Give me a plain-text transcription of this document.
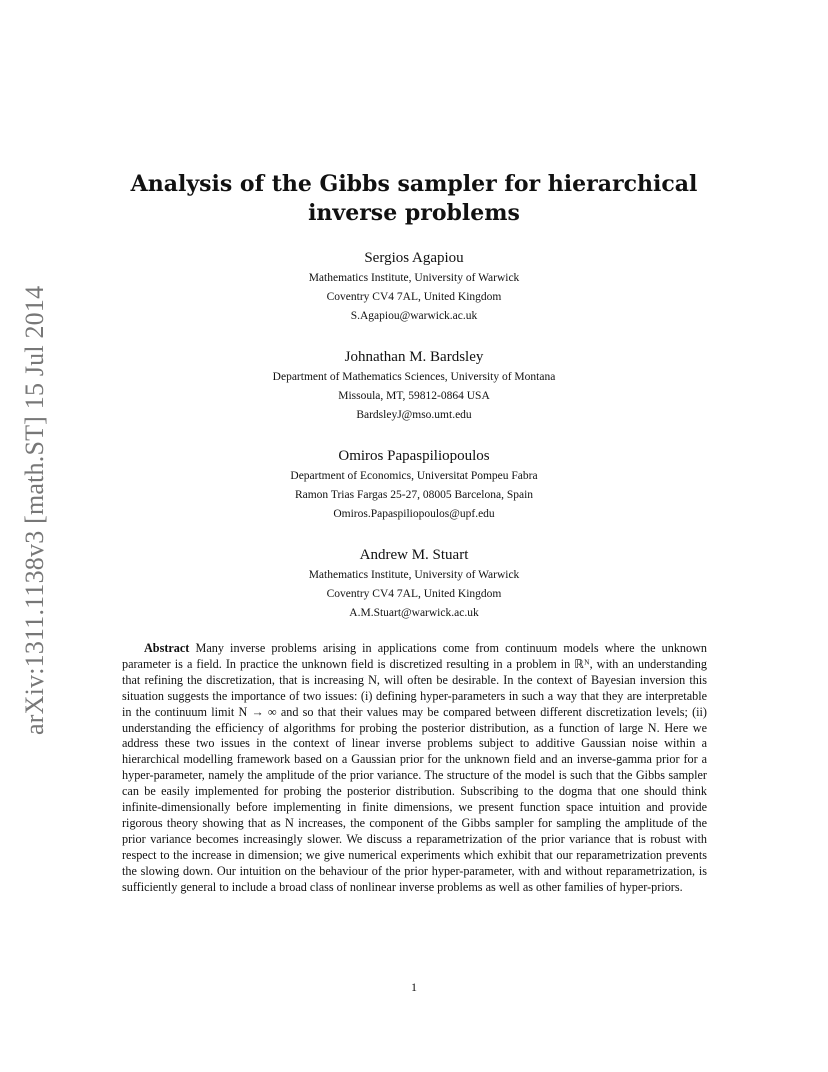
arXiv:1311.1138v3 [math.ST] 15 Jul 2014
Analysis of the Gibbs sampler for hierarchical inverse problems
Sergios Agapiou
Mathematics Institute, University of Warwick
Coventry CV4 7AL, United Kingdom
S.Agapiou@warwick.ac.uk
Johnathan M. Bardsley
Department of Mathematics Sciences, University of Montana
Missoula, MT, 59812-0864 USA
BardsleyJ@mso.umt.edu
Omiros Papaspiliopoulos
Department of Economics, Universitat Pompeu Fabra
Ramon Trias Fargas 25-27, 08005 Barcelona, Spain
Omiros.Papaspiliopoulos@upf.edu
Andrew M. Stuart
Mathematics Institute, University of Warwick
Coventry CV4 7AL, United Kingdom
A.M.Stuart@warwick.ac.uk

Abstract Many inverse problems arising in applications come from continuum models where the unknown parameter is a field. In practice the unknown field is discretized resulting in a problem in ℝᴺ, with an understanding that refining the discretization, that is increasing N, will often be desirable. In the context of Bayesian inversion this situation suggests the importance of two issues: (i) defining hyper-parameters in such a way that they are interpretable in the continuum limit N → ∞ and so that their values may be compared between different discretization levels; (ii) understanding the efficiency of algorithms for probing the posterior distribution, as a function of large N. Here we address these two issues in the context of linear inverse problems subject to additive Gaussian noise within a hierarchical modelling framework based on a Gaussian prior for the unknown field and an inverse-gamma prior for a hyper-parameter, namely the amplitude of the prior variance. The structure of the model is such that the Gibbs sampler can be easily implemented for probing the posterior distribution. Subscribing to the dogma that one should think infinite-dimensionally before implementing in finite dimensions, we present function space intuition and provide rigorous theory showing that as N increases, the component of the Gibbs sampler for sampling the amplitude of the prior variance becomes increasingly slower. We discuss a reparametrization of the prior variance that is robust with respect to the increase in dimension; we give numerical experiments which exhibit that our reparametrization prevents the slowing down. Our intuition on the behaviour of the prior hyper-parameter, with and without reparametrization, is sufficiently general to include a broad class of nonlinear inverse problems as well as other families of hyper-priors.

1
